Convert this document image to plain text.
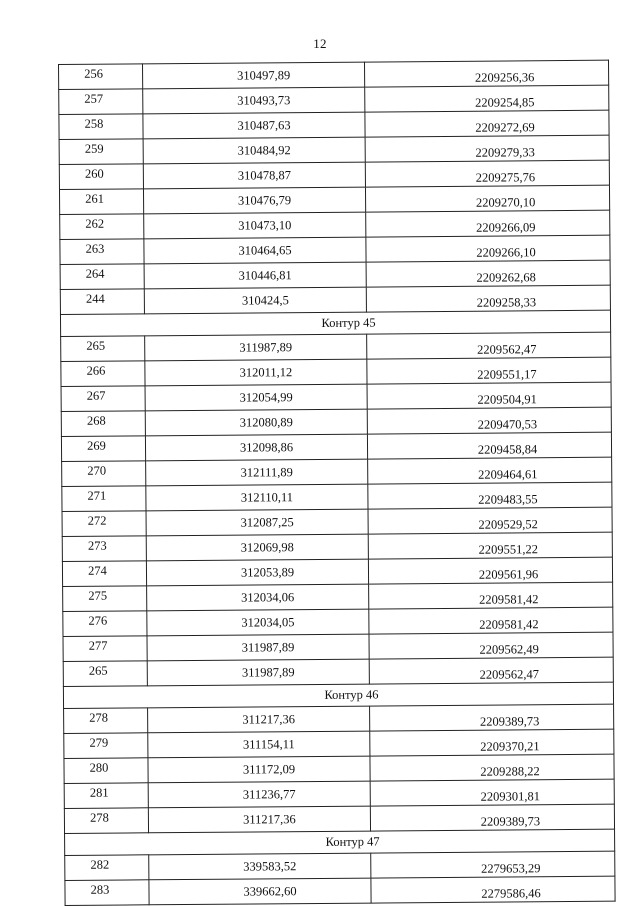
12
256	310497,89	2209256,36
257	310493,73	2209254,85
258	310487,63	2209272,69
259	310484,92	2209279,33
260	310478,87	2209275,76
261	310476,79	2209270,10
262	310473,10	2209266,09
263	310464,65	2209266,10
264	310446,81	2209262,68
244	310424,5	2209258,33
Контур 45		
265	311987,89	2209562,47
266	312011,12	2209551,17
267	312054,99	2209504,91
268	312080,89	2209470,53
269	312098,86	2209458,84
270	312111,89	2209464,61
271	312110,11	2209483,55
272	312087,25	2209529,52
273	312069,98	2209551,22
274	312053,89	2209561,96
275	312034,06	2209581,42
276	312034,05	2209581,42
277	311987,89	2209562,49
265	311987,89	2209562,47
Контур 46		
278	311217,36	2209389,73
279	311154,11	2209370,21
280	311172,09	2209288,22
281	311236,77	2209301,81
278	311217,36	2209389,73
Контур 47		
282	339583,52	2279653,29
283	339662,60	2279586,46
